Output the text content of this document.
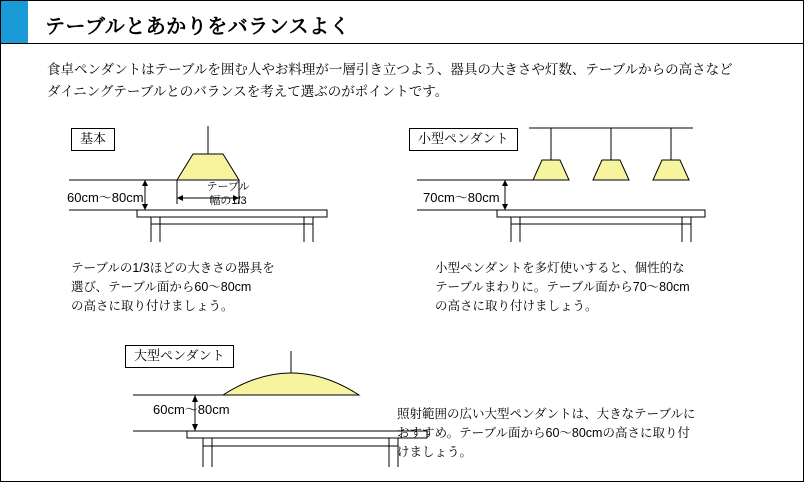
テーブルとあかりをバランスよく
食卓ペンダントはテーブルを囲む人やお料理が一層引き立つよう、器具の大きさや灯数、テーブルからの高さなど
ダイニングテーブルとのバランスを考えて選ぶのがポイントです。
基本
60cm〜80cm
テーブル
幅の1/3
テーブルの1/3ほどの大きさの器具を
選び、テーブル面から60〜80cm
の高さに取り付けましょう。
小型ペンダント
70cm〜80cm
小型ペンダントを多灯使いすると、個性的な
テーブルまわりに。テーブル面から70〜80cm
の高さに取り付けましょう。
大型ペンダント
60cm〜80cm	照射範囲の広い大型ペンダントは、大きなテーブルに
おすすめ。テーブル面から60〜80cmの高さに取り付
けましょう。
